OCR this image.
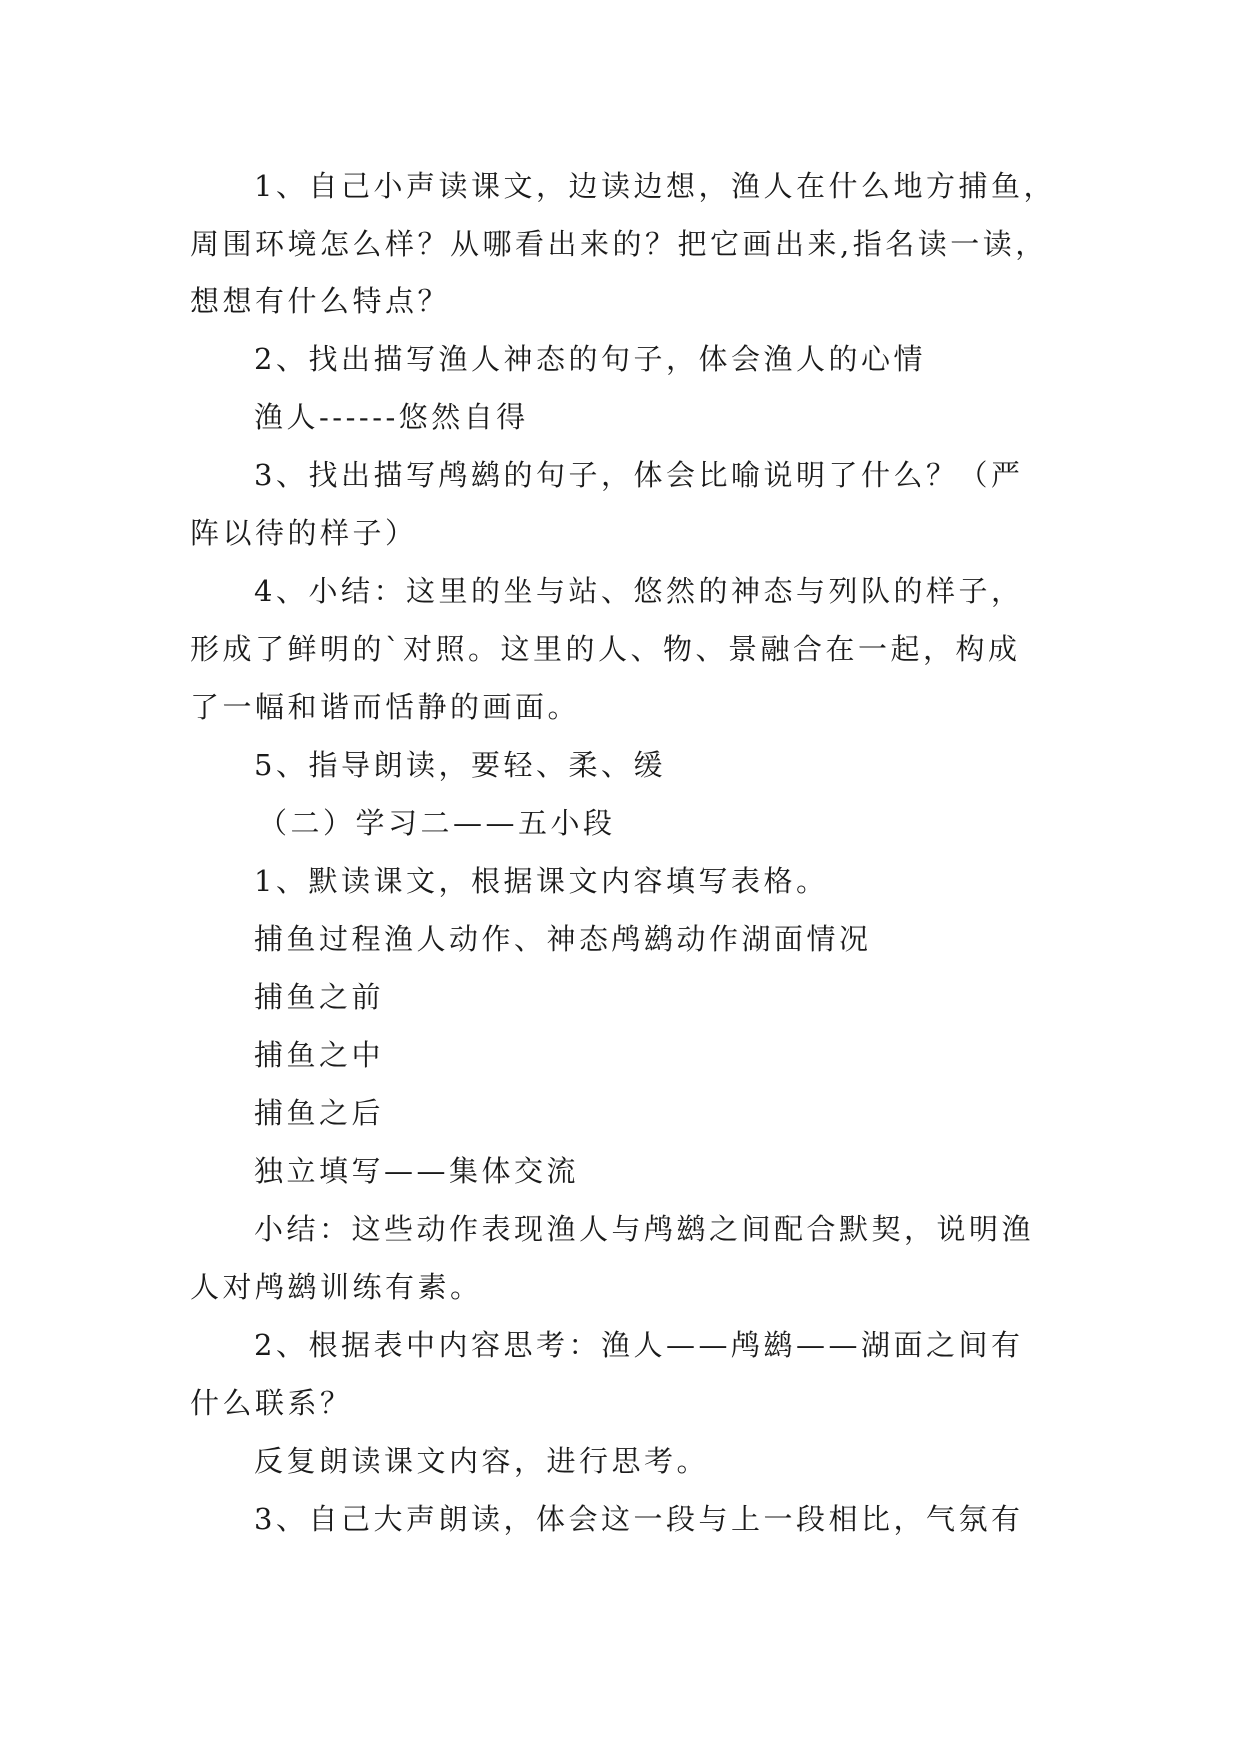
1、自己小声读课文，边读边想，渔人在什么地方捕鱼，
周围环境怎么样？从哪看出来的？把它画出来,指名读一读，
想想有什么特点？
2、找出描写渔人神态的句子，体会渔人的心情
渔人------悠然自得
3、找出描写鸬鹚的句子，体会比喻说明了什么？（严
阵以待的样子）
4、小结：这里的坐与站、悠然的神态与列队的样子，
形成了鲜明的`对照。这里的人、物、景融合在一起，构成
了一幅和谐而恬静的画面。
5、指导朗读，要轻、柔、缓
（二）学习二——五小段
1、默读课文，根据课文内容填写表格。
捕鱼过程渔人动作、神态鸬鹚动作湖面情况
捕鱼之前
捕鱼之中
捕鱼之后
独立填写——集体交流
小结：这些动作表现渔人与鸬鹚之间配合默契，说明渔
人对鸬鹚训练有素。
2、根据表中内容思考：渔人——鸬鹚——湖面之间有
什么联系？
反复朗读课文内容，进行思考。
3、自己大声朗读，体会这一段与上一段相比，气氛有
